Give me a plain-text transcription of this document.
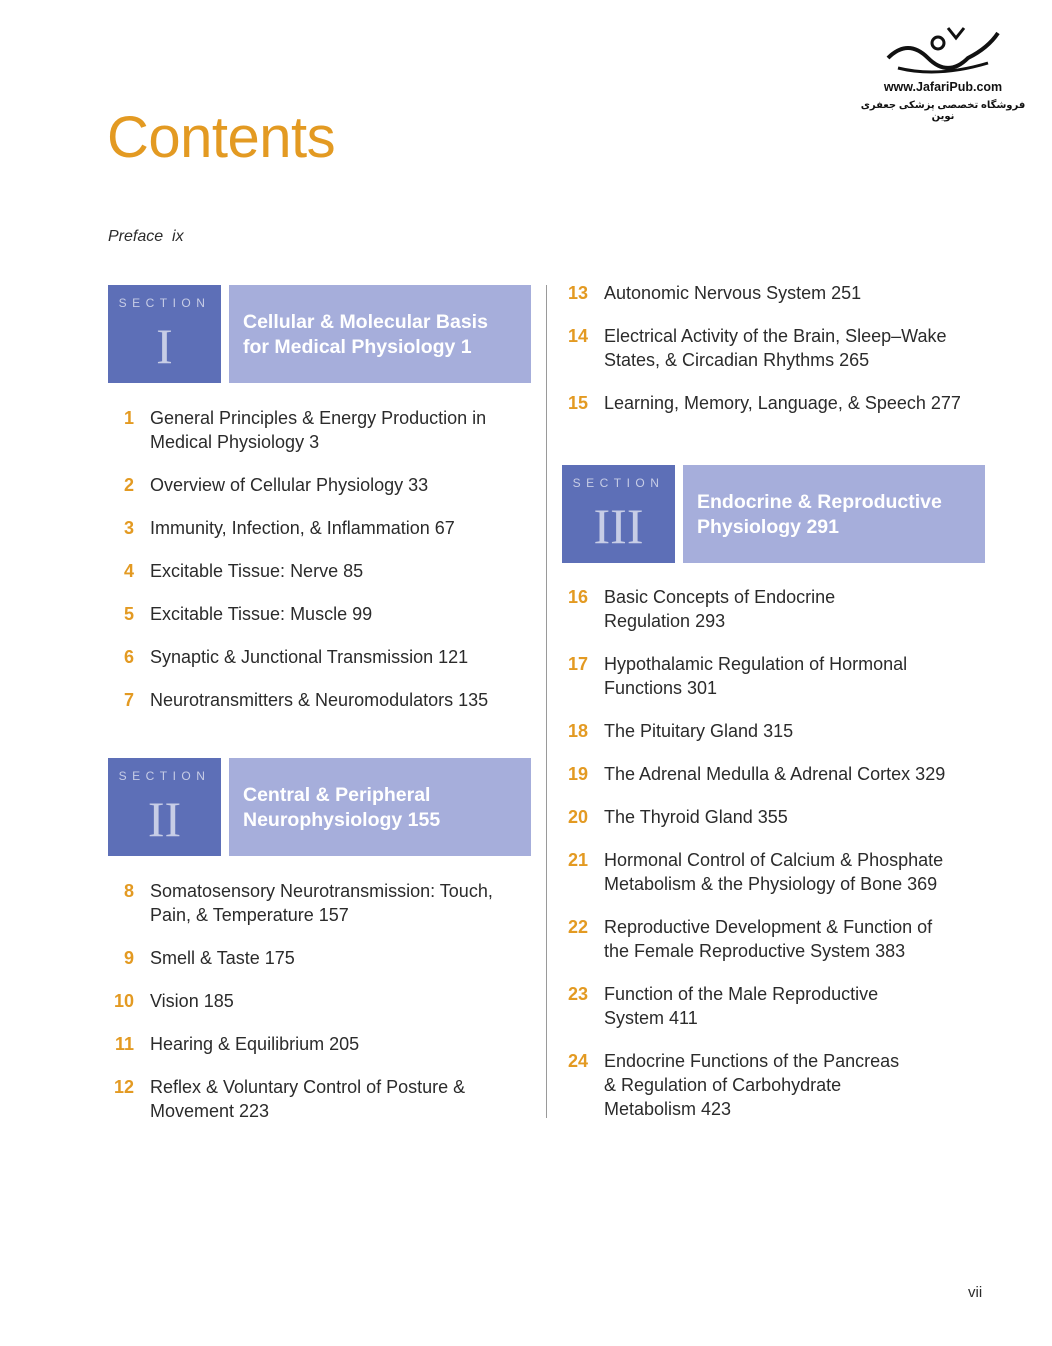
www.JafariPub.com
فروشگاه تخصصی پزشکی جعفری نوین
Contents
Preface ix
SECTION
I	Cellular & Molecular Basis
for Medical Physiology 1
1 General Principles & Energy Production in
Medical Physiology 3
2 Overview of Cellular Physiology 33
3 Immunity, Infection, & Inflammation 67
4 Excitable Tissue: Nerve 85
5 Excitable Tissue: Muscle 99
6 Synaptic & Junctional Transmission 121
7 Neurotransmitters & Neuromodulators 135
SECTION
II	Central & Peripheral
Neurophysiology 155
8 Somatosensory Neurotransmission: Touch,
Pain, & Temperature 157
9 Smell & Taste 175
10 Vision 185
11 Hearing & Equilibrium 205
12 Reflex & Voluntary Control of Posture &
Movement 223
13 Autonomic Nervous System 251
14 Electrical Activity of the Brain, Sleep–Wake
States, & Circadian Rhythms 265
15 Learning, Memory, Language, & Speech 277
SECTION
III	Endocrine & Reproductive
Physiology 291
16 Basic Concepts of Endocrine
Regulation 293
17 Hypothalamic Regulation of Hormonal
Functions 301
18 The Pituitary Gland 315
19 The Adrenal Medulla & Adrenal Cortex 329
20 The Thyroid Gland 355
21 Hormonal Control of Calcium & Phosphate
Metabolism & the Physiology of Bone 369
22 Reproductive Development & Function of
the Female Reproductive System 383
23 Function of the Male Reproductive
System 411
24 Endocrine Functions of the Pancreas
& Regulation of Carbohydrate
Metabolism 423
vii
